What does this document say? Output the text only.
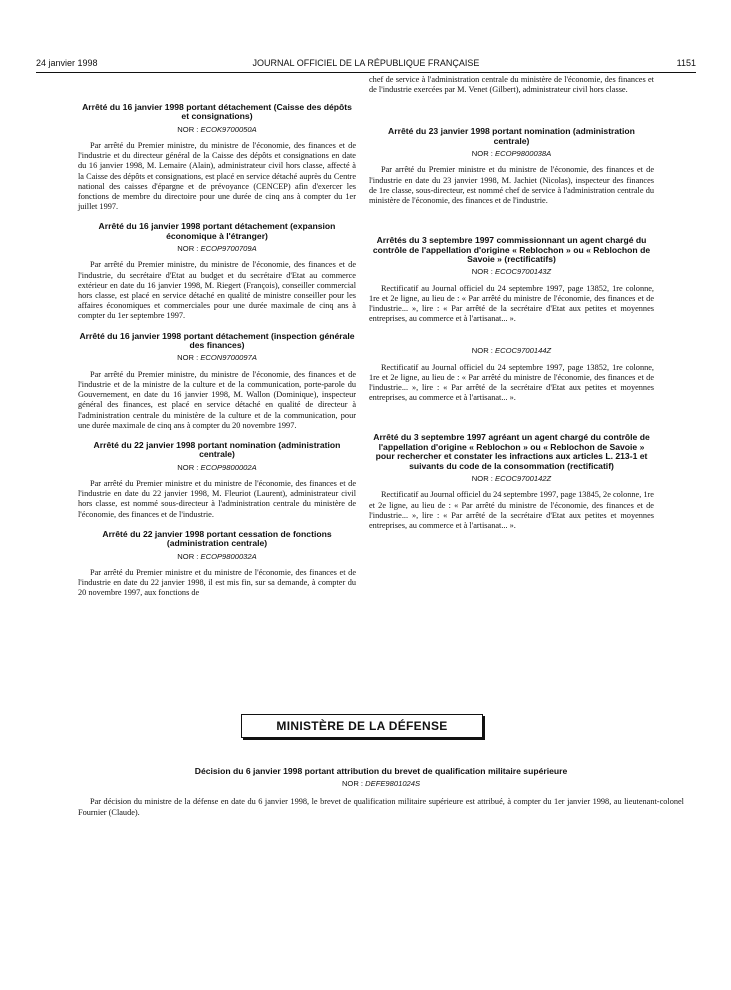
24 janvier 1998	JOURNAL OFFICIEL DE LA RÉPUBLIQUE FRANÇAISE	1151
Arrêté du 16 janvier 1998 portant détachement (Caisse des dépôts et consignations)
NOR : ECOK9700050A

Par arrêté du Premier ministre, du ministre de l'économie, des finances et de l'industrie et du directeur général de la Caisse des dépôts et consignations en date du 16 janvier 1998, M. Lemaire (Alain), administrateur civil hors classe, affecté à la Caisse des dépôts et consignations, est placé en service détaché auprès du Centre national des caisses d'épargne et de prévoyance (CENCEP) afin d'exercer les fonctions de membre du directoire pour une durée de cinq ans à compter du 1er juillet 1997.

Arrêté du 16 janvier 1998 portant détachement (expansion économique à l'étranger)
NOR : ECOP9700709A

Par arrêté du Premier ministre, du ministre de l'économie, des finances et de l'industrie, du secrétaire d'Etat au budget et du secrétaire d'Etat au commerce extérieur en date du 16 janvier 1998, M. Riegert (François), conseiller commercial hors classe, est placé en service détaché en qualité de ministre conseiller pour les affaires économiques et commerciales pour une durée maximale de cinq ans à compter du 1er septembre 1997.

Arrêté du 16 janvier 1998 portant détachement (inspection générale des finances)
NOR : ECON9700097A

Par arrêté du Premier ministre, du ministre de l'économie, des finances et de l'industrie et de la ministre de la culture et de la communication, porte-parole du Gouvernement, en date du 16 janvier 1998, M. Wallon (Dominique), inspecteur général des finances, est placé en service détaché en qualité de directeur à l'administration centrale du ministère de la culture et de la communication, pour une durée maximale de cinq ans à compter du 20 novembre 1997.

Arrêté du 22 janvier 1998 portant nomination (administration centrale)
NOR : ECOP9800002A

Par arrêté du Premier ministre et du ministre de l'économie, des finances et de l'industrie en date du 22 janvier 1998, M. Fleuriot (Laurent), administrateur civil hors classe, est nommé sous-directeur à l'administration centrale du ministère de l'économie, des finances et de l'industrie.

Arrêté du 22 janvier 1998 portant cessation de fonctions (administration centrale)
NOR : ECOP9800032A

Par arrêté du Premier ministre et du ministre de l'économie, des finances et de l'industrie en date du 22 janvier 1998, il est mis fin, sur sa demande, à compter du 20 novembre 1997, aux fonctions de

chef de service à l'administration centrale du ministère de l'économie, des finances et de l'industrie exercées par M. Venet (Gilbert), administrateur civil hors classe.

Arrêté du 23 janvier 1998 portant nomination (administration centrale)
NOR : ECOP9800038A

Par arrêté du Premier ministre et du ministre de l'économie, des finances et de l'industrie en date du 23 janvier 1998, M. Jachiet (Nicolas), inspecteur des finances de 1re classe, sous-directeur, est nommé chef de service à l'administration centrale du ministère de l'économie, des finances et de l'industrie.

Arrêtés du 3 septembre 1997 commissionnant un agent chargé du contrôle de l'appellation d'origine « Reblochon » ou « Reblochon de Savoie » (rectificatifs)
NOR : ECOC9700143Z

Rectificatif au Journal officiel du 24 septembre 1997, page 13852, 1re colonne, 1re et 2e ligne, au lieu de : « Par arrêté du ministre de l'économie, des finances et de l'industrie... », lire : « Par arrêté de la secrétaire d'Etat aux petites et moyennes entreprises, au commerce et à l'artisanat... ».

NOR : ECOC9700144Z

Rectificatif au Journal officiel du 24 septembre 1997, page 13852, 1re colonne, 1re et 2e ligne, au lieu de : « Par arrêté du ministre de l'économie, des finances et de l'industrie... », lire : « Par arrêté de la secrétaire d'Etat aux petites et moyennes entreprises, au commerce et à l'artisanat... ».

Arrêté du 3 septembre 1997 agréant un agent chargé du contrôle de l'appellation d'origine « Reblochon » ou « Reblochon de Savoie » pour rechercher et constater les infractions aux articles L. 213-1 et suivants du code de la consommation (rectificatif)
NOR : ECOC9700142Z

Rectificatif au Journal officiel du 24 septembre 1997, page 13845, 2e colonne, 1re et 2e ligne, au lieu de : « Par arrêté du ministre de l'économie, des finances et de l'industrie... », lire : « Par arrêté de la secrétaire d'Etat aux petites et moyennes entreprises, au commerce et à l'artisanat... ».

MINISTÈRE DE LA DÉFENSE
Décision du 6 janvier 1998 portant attribution du brevet de qualification militaire supérieure
NOR : DEFE9801024S

Par décision du ministre de la défense en date du 6 janvier 1998, le brevet de qualification militaire supérieure est attribué, à compter du 1er janvier 1998, au lieutenant-colonel Fournier (Claude).
